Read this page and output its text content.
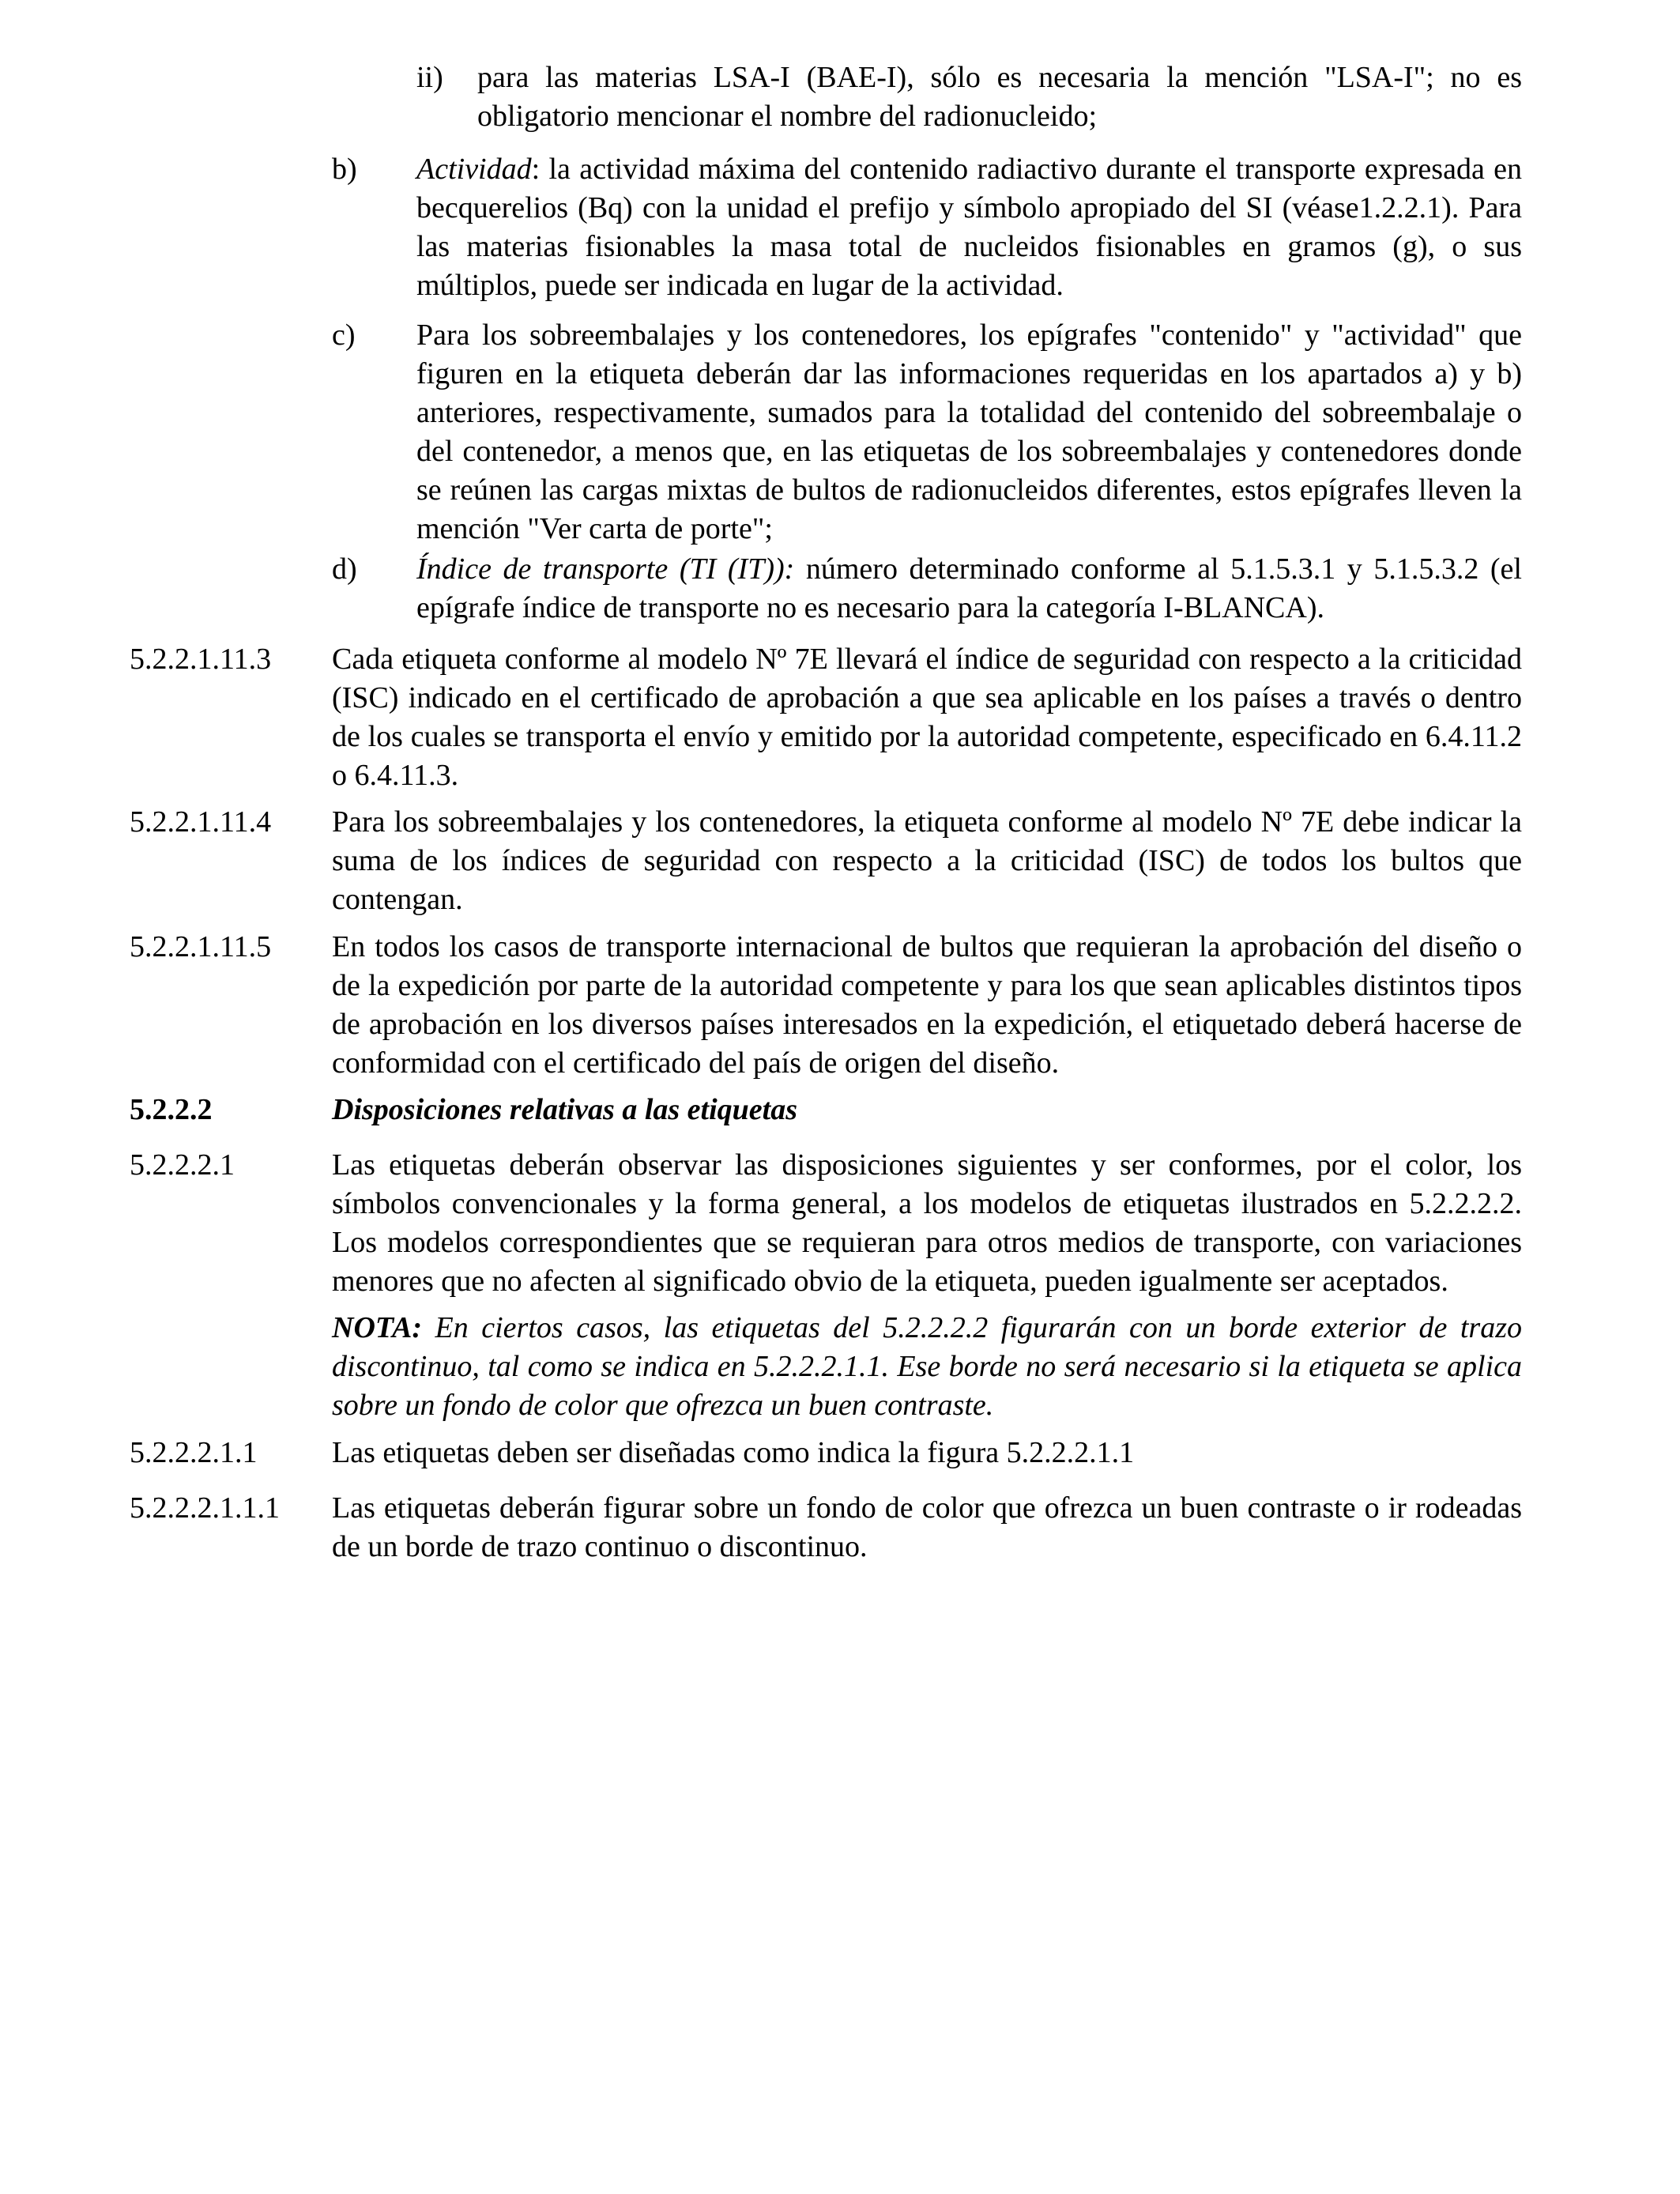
ii) para las materias LSA-I (BAE-I), sólo es necesaria la mención "LSA-I"; no es obligatorio mencionar el nombre del radionucleido;

b) Actividad: la actividad máxima del contenido radiactivo durante el transporte expresada en becquerelios (Bq) con la unidad el prefijo y símbolo apropiado del SI (véase1.2.2.1). Para las materias fisionables la masa total de nucleidos fisionables en gramos (g), o sus múltiplos, puede ser indicada en lugar de la actividad.

c) Para los sobreembalajes y los contenedores, los epígrafes "contenido" y "actividad" que figuren en la etiqueta deberán dar las informaciones requeridas en los apartados a) y b) anteriores, respectivamente, sumados para la totalidad del contenido del sobreembalaje o del contenedor, a menos que, en las etiquetas de los sobreembalajes y contenedores donde se reúnen las cargas mixtas de bultos de radionucleidos diferentes, estos epígrafes lleven la mención "Ver carta de porte";

d) Índice de transporte (TI (IT)): número determinado conforme al 5.1.5.3.1 y 5.1.5.3.2 (el epígrafe índice de transporte no es necesario para la categoría I-BLANCA).

5.2.2.1.11.3 Cada etiqueta conforme al modelo Nº 7E llevará el índice de seguridad con respecto a la criticidad (ISC) indicado en el certificado de aprobación a que sea aplicable en los países a través o dentro de los cuales se transporta el envío y emitido por la autoridad competente, especificado en 6.4.11.2 o 6.4.11.3.

5.2.2.1.11.4 Para los sobreembalajes y los contenedores, la etiqueta conforme al modelo Nº 7E debe indicar la suma de los índices de seguridad con respecto a la criticidad (ISC) de todos los bultos que contengan.

5.2.2.1.11.5 En todos los casos de transporte internacional de bultos que requieran la aprobación del diseño o de la expedición por parte de la autoridad competente y para los que sean aplicables distintos tipos de aprobación en los diversos países interesados en la expedición, el etiquetado deberá hacerse de conformidad con el certificado del país de origen del diseño.

5.2.2.2	Disposiciones relativas a las etiquetas
5.2.2.2.1	Las etiquetas deberán observar las disposiciones siguientes y ser conformes, por el color, los símbolos convencionales y la forma general, a los modelos de etiquetas ilustrados en 5.2.2.2.2. Los modelos correspondientes que se requieran para otros medios de transporte, con variaciones menores que no afecten al significado obvio de la etiqueta, pueden igualmente ser aceptados.

NOTA: En ciertos casos, las etiquetas del 5.2.2.2.2 figurarán con un borde exterior de trazo discontinuo, tal como se indica en 5.2.2.2.1.1. Ese borde no será necesario si la etiqueta se aplica sobre un fondo de color que ofrezca un buen contraste.

5.2.2.2.1.1 Las etiquetas deben ser diseñadas como indica la figura 5.2.2.2.1.1

5.2.2.2.1.1.1 Las etiquetas deberán figurar sobre un fondo de color que ofrezca un buen contraste o ir rodeadas de un borde de trazo continuo o discontinuo.
